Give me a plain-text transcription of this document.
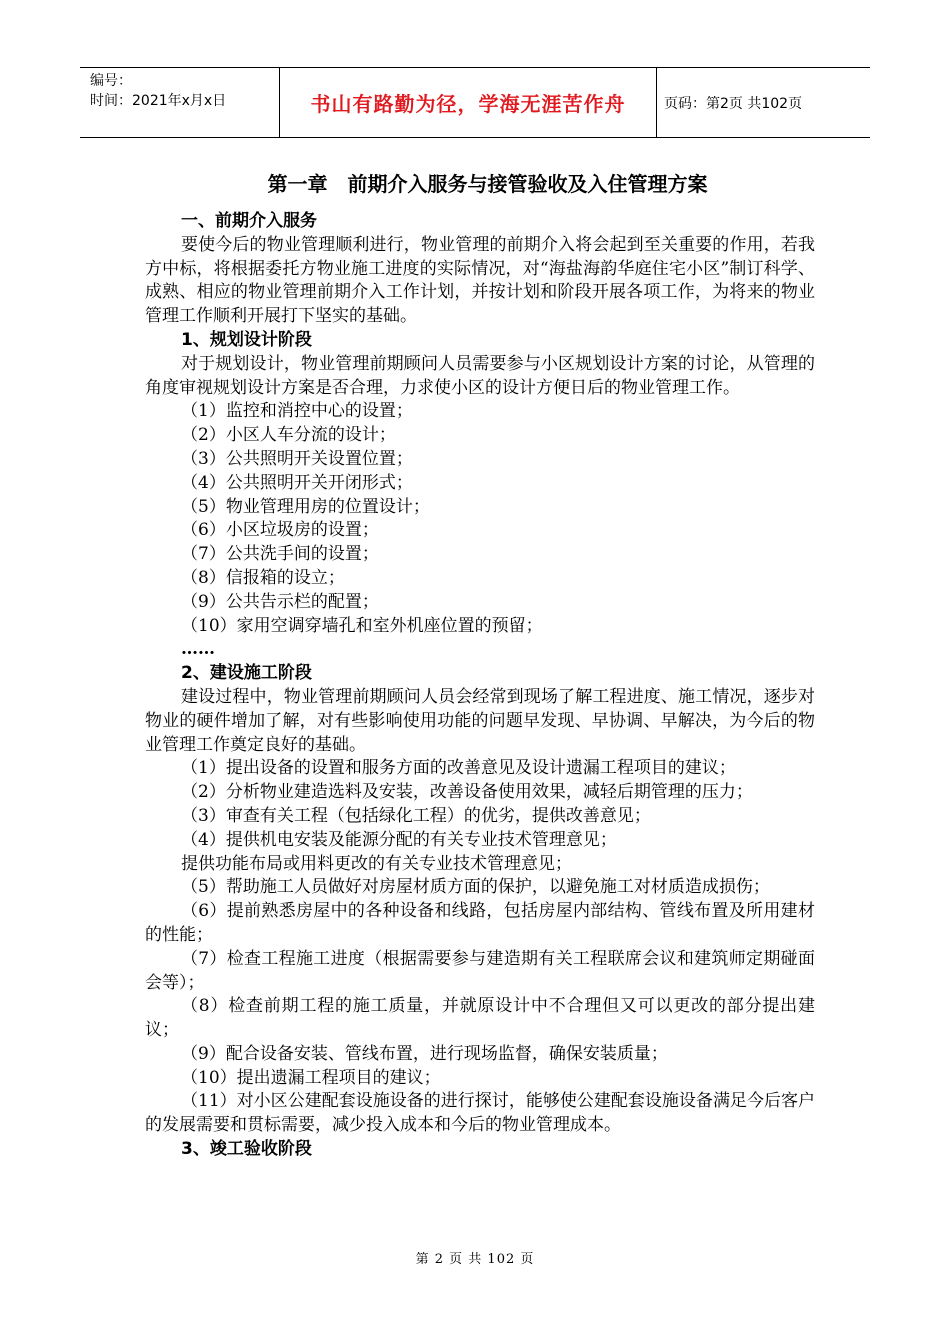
编号：
时间：2021年x月x日	书山有路勤为径，学海无涯苦作舟	页码：第2页 共102页
第一章　前期介入服务与接管验收及入住管理方案

一、前期介入服务

要使今后的物业管理顺利进行，物业管理的前期介入将会起到至关重要的作用，若我方中标，将根据委托方物业施工进度的实际情况，对“海盐海韵华庭住宅小区”制订科学、成熟、相应的物业管理前期介入工作计划，并按计划和阶段开展各项工作，为将来的物业管理工作顺利开展打下坚实的基础。

1、规划设计阶段

对于规划设计，物业管理前期顾问人员需要参与小区规划设计方案的讨论，从管理的角度审视规划设计方案是否合理，力求使小区的设计方便日后的物业管理工作。

（1）监控和消控中心的设置；

（2）小区人车分流的设计；

（3）公共照明开关设置位置；

（4）公共照明开关开闭形式；

（5）物业管理用房的位置设计；

（6）小区垃圾房的设置；

（7）公共洗手间的设置；

（8）信报箱的设立；

（9）公共告示栏的配置；

（10）家用空调穿墙孔和室外机座位置的预留；

……

2、建设施工阶段

建设过程中，物业管理前期顾问人员会经常到现场了解工程进度、施工情况，逐步对物业的硬件增加了解，对有些影响使用功能的问题早发现、早协调、早解决，为今后的物业管理工作奠定良好的基础。

（1）提出设备的设置和服务方面的改善意见及设计遗漏工程项目的建议；

（2）分析物业建造选料及安装，改善设备使用效果，减轻后期管理的压力；

（3）审查有关工程（包括绿化工程）的优劣，提供改善意见；

（4）提供机电安装及能源分配的有关专业技术管理意见；

提供功能布局或用料更改的有关专业技术管理意见；

（5）帮助施工人员做好对房屋材质方面的保护，以避免施工对材质造成损伤；

（6）提前熟悉房屋中的各种设备和线路，包括房屋内部结构、管线布置及所用建材的性能；

（7）检查工程施工进度（根据需要参与建造期有关工程联席会议和建筑师定期碰面会等）；

（8）检查前期工程的施工质量，并就原设计中不合理但又可以更改的部分提出建议；

（9）配合设备安装、管线布置，进行现场监督，确保安装质量；

（10）提出遗漏工程项目的建议；

（11）对小区公建配套设施设备的进行探讨，能够使公建配套设施设备满足今后客户的发展需要和贯标需要，减少投入成本和今后的物业管理成本。

3、竣工验收阶段

第 2 页 共 102 页
